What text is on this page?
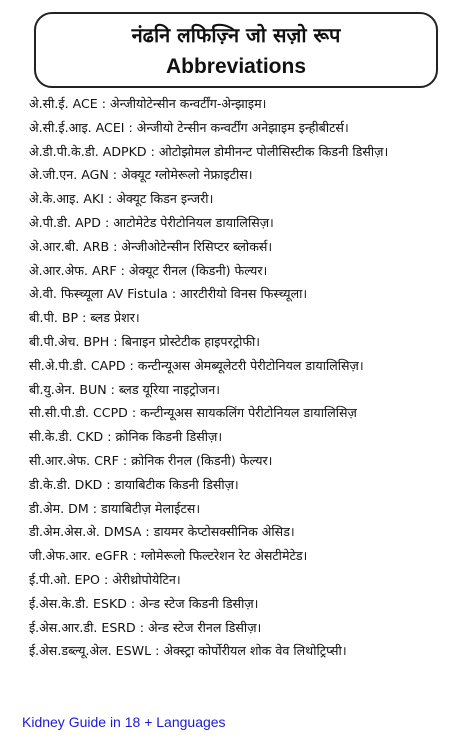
नंढनि लफिज़्नि जो सज़ो रूप
Abbreviations
अे.सी.ई. ACE : अेन्जीयोटेन्सीन कन्वर्टींग-अेन्झाइम।
अे.सी.ई.आइ. ACEI : अेन्जीयो टेन्सीन कन्वर्टींग अनेझाइम इन्हीबीटर्स।
अे.डी.पी.के.डी. ADPKD : ओटोझोमल डोमीनन्ट पोलीसिस्टीक किडनी डिसीज़।
अे.जी.एन. AGN : अेक्यूट ग्लोमेरूलो नेफ्राइटीस।
अे.के.आइ. AKI : अेक्यूट किडन इन्जरी।
अे.पी.डी. APD : आटोमेटेड पेरीटोनियल डायालिसिज़।
अे.आर.बी. ARB : अेन्जीओटेन्सीन रिसिप्टर ब्लोकर्स।
अे.आर.अेफ. ARF : अेक्यूट रीनल (किडनी) फेल्यर।
अे.वी. फिस्च्यूला AV Fistula : आरटीरीयो विनस फिस्च्यूला।
बी.पी. BP : ब्लड प्रेशर।
बी.पी.अेच. BPH : बिनाइन प्रोस्टेटीक हाइपरट्रोफी।
सी.अे.पी.डी. CAPD : कन्टीन्यूअस अेमब्यूलेटरी पेरीटोनियल डायालिसिज़।
बी.यु.अेन. BUN : ब्लड यूरिया नाइट्रोजन।
सी.सी.पी.डी. CCPD : कन्टीन्यूअस सायकलिंग पेरीटोनियल डायालिसिज़
सी.के.डी. CKD : क्रोनिक किडनी डिसीज़।
सी.आर.अेफ. CRF : क्रोनिक रीनल (किडनी) फेल्यर।
डी.के.डी. DKD : डायाबिटीक किडनी डिसीज़।
डी.अेम. DM : डायाबिटीज़ मेलाईटस।
डी.अेम.अेस.अे. DMSA : डायमर केप्टोसक्सीनिक अेसिड।
जी.अेफ.आर. eGFR : ग्लोमेरूलो फिल्टरेशन रेट अेसटीमेटेड।
ई.पी.ओ. EPO : अेरीथ्रोपोयेटिन।
ई.अेस.के.डी. ESKD : अेन्ड स्टेज किडनी डिसीज़।
ई.अेस.आर.डी. ESRD : अेन्ड स्टेज रीनल डिसीज़।
ई.अेस.डब्ल्यू.अेल. ESWL : अेक्स्ट्रा कोर्पोरीयल शोक वेव लिथोट्रिप्सी।
Kidney Guide in 18 + Languages
